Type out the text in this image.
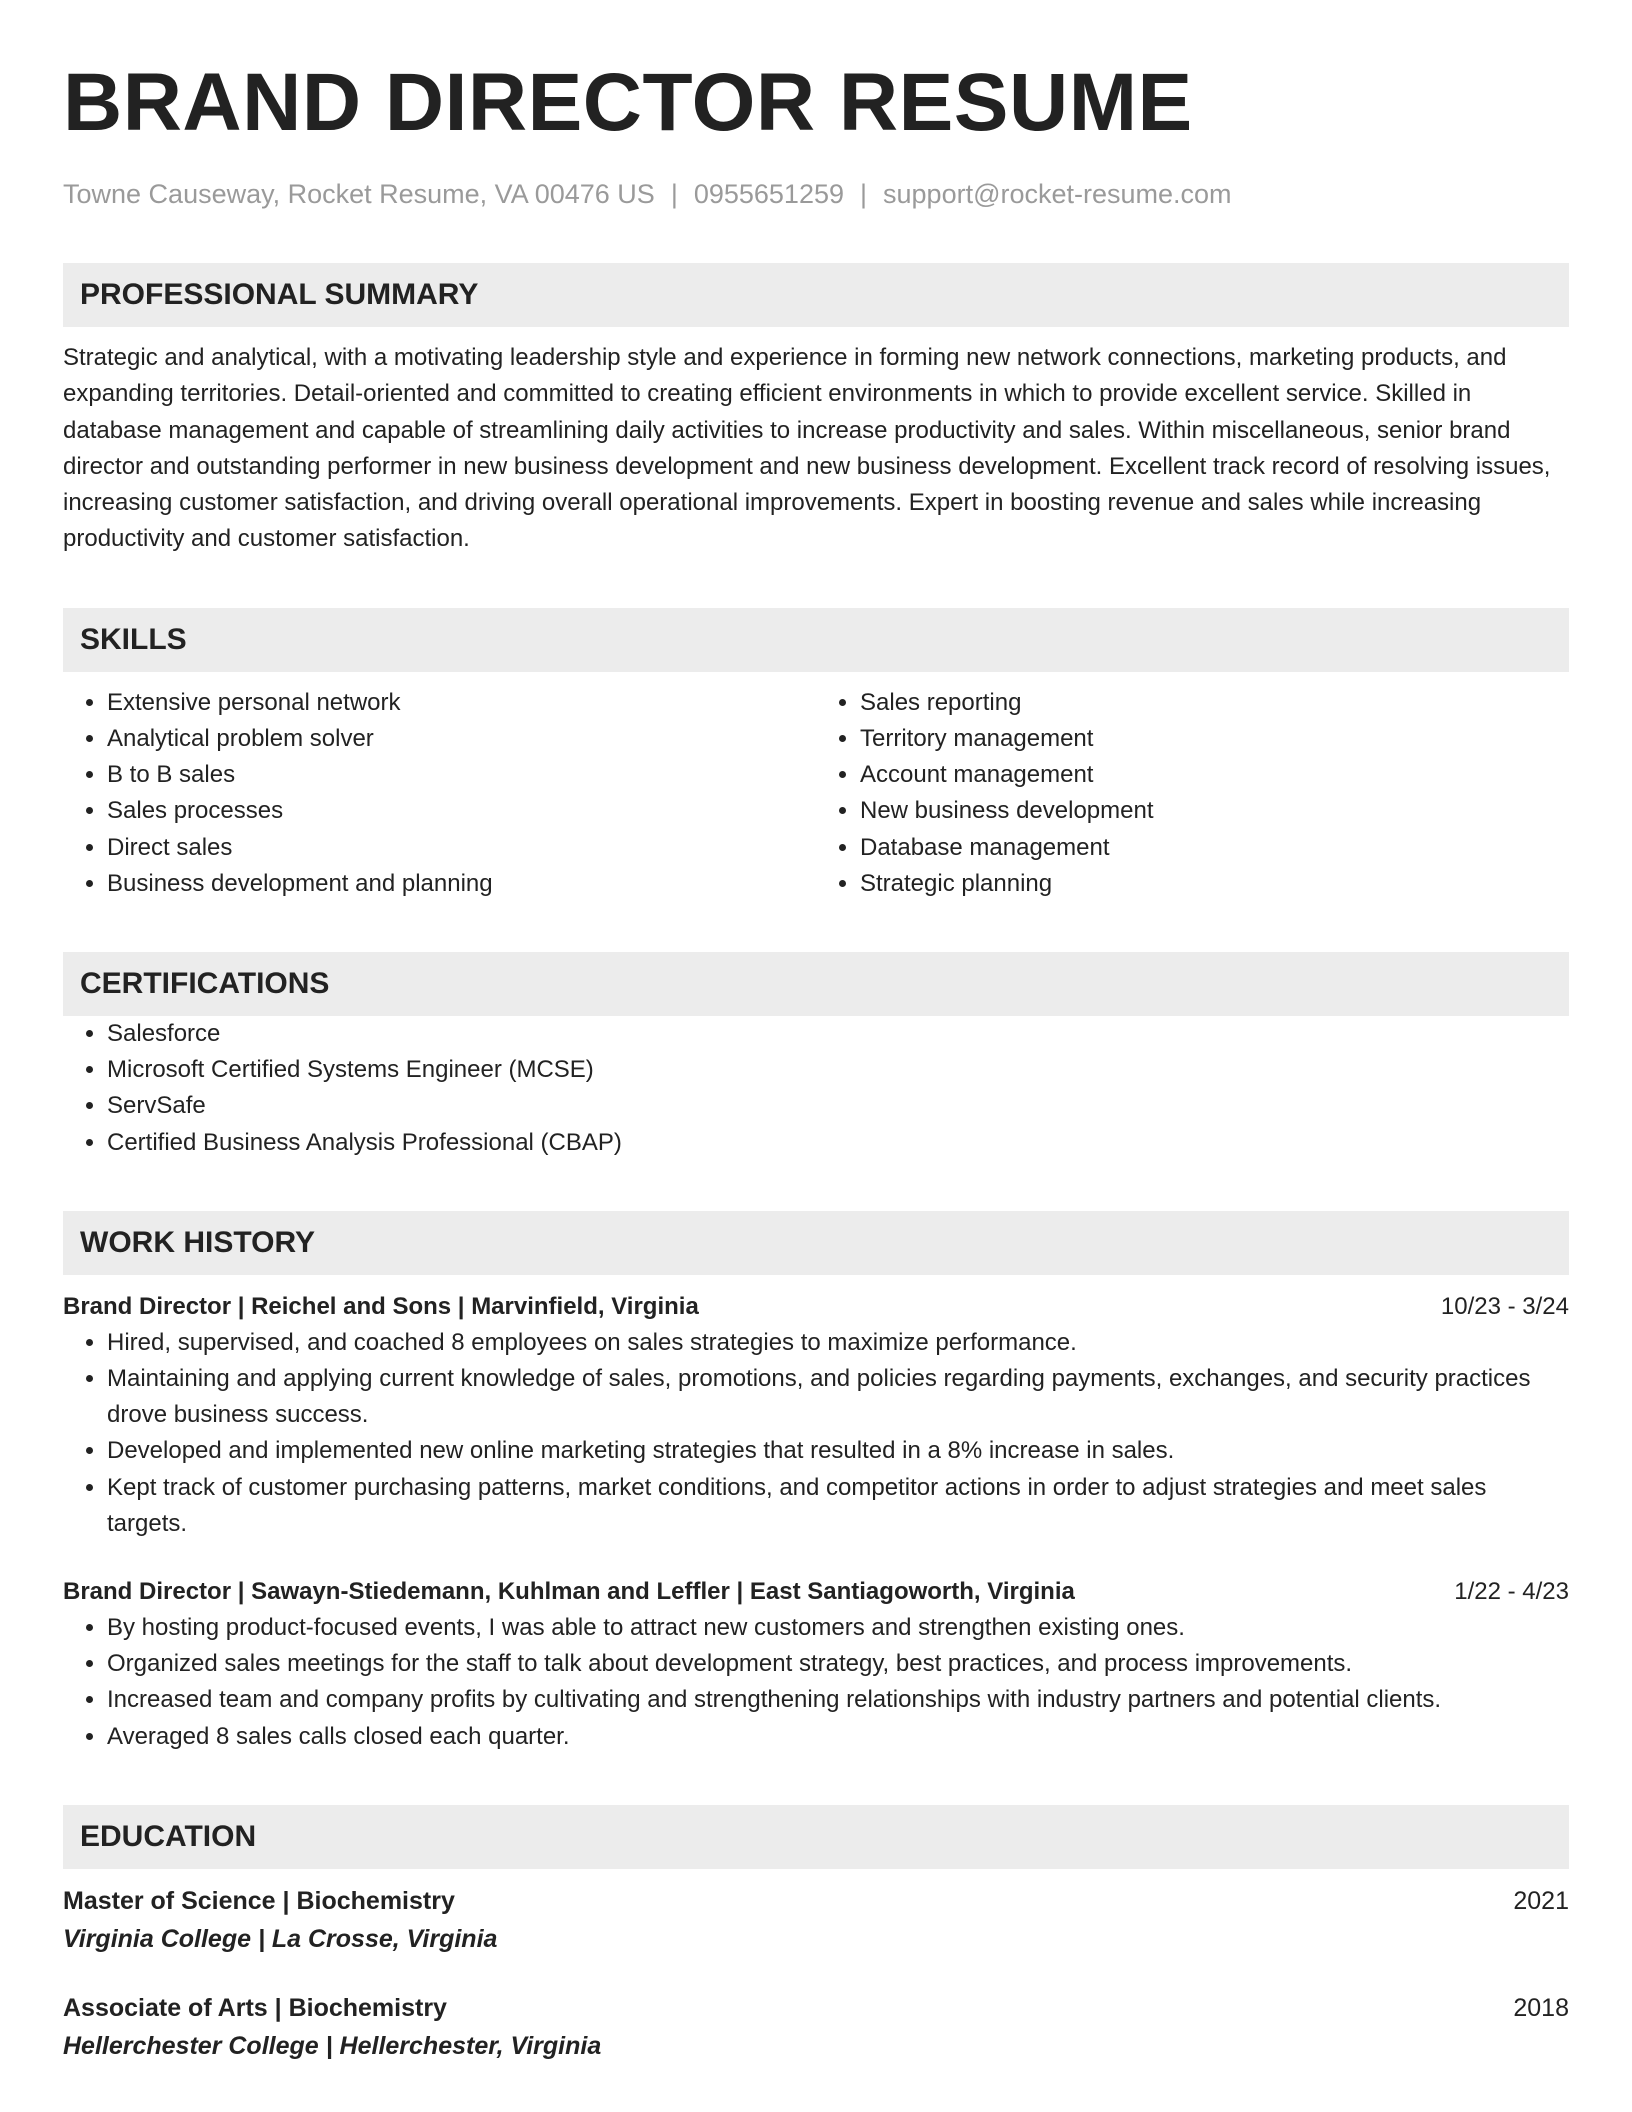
BRAND DIRECTOR RESUME
Towne Causeway, Rocket Resume, VA 00476 US | 0955651259 | support@rocket-resume.com
PROFESSIONAL SUMMARY

Strategic and analytical, with a motivating leadership style and experience in forming new network connections, marketing products, and expanding territories. Detail-oriented and committed to creating efficient environments in which to provide excellent service. Skilled in database management and capable of streamlining daily activities to increase productivity and sales. Within miscellaneous, senior brand director and outstanding performer in new business development and new business development. Excellent track record of resolving issues, increasing customer satisfaction, and driving overall operational improvements. Expert in boosting revenue and sales while increasing productivity and customer satisfaction.

SKILLS
• Extensive personal network
• Analytical problem solver
• B to B sales
• Sales processes
• Direct sales
• Business development and planning
• Sales reporting
• Territory management
• Account management
• New business development
• Database management
• Strategic planning
CERTIFICATIONS
• Salesforce
• Microsoft Certified Systems Engineer (MCSE)
• ServSafe
• Certified Business Analysis Professional (CBAP)
WORK HISTORY
Brand Director | Reichel and Sons | Marvinfield, Virginia	10/23 - 3/24
• Hired, supervised, and coached 8 employees on sales strategies to maximize performance.
• Maintaining and applying current knowledge of sales, promotions, and policies regarding payments, exchanges, and security practices drove business success.
• Developed and implemented new online marketing strategies that resulted in a 8% increase in sales.
• Kept track of customer purchasing patterns, market conditions, and competitor actions in order to adjust strategies and meet sales targets.
Brand Director | Sawayn-Stiedemann, Kuhlman and Leffler | East Santiagoworth, Virginia	1/22 - 4/23
• By hosting product-focused events, I was able to attract new customers and strengthen existing ones.
• Organized sales meetings for the staff to talk about development strategy, best practices, and process improvements.
• Increased team and company profits by cultivating and strengthening relationships with industry partners and potential clients.
• Averaged 8 sales calls closed each quarter.
EDUCATION
Master of Science | Biochemistry	2021
Virginia College | La Crosse, Virginia
Associate of Arts | Biochemistry	2018
Hellerchester College | Hellerchester, Virginia
